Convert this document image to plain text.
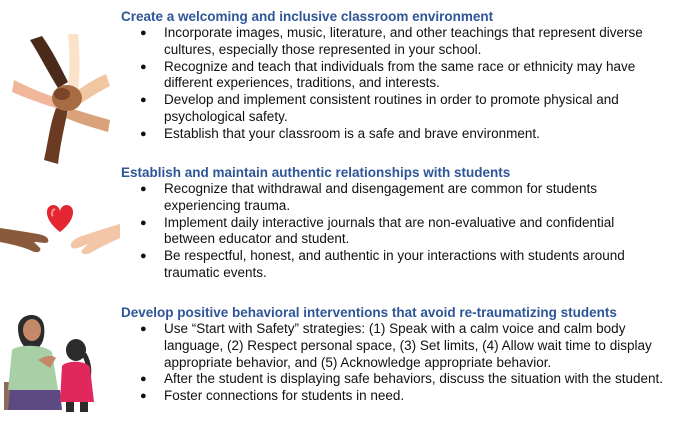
Create a welcoming and inclusive classroom environment
● Incorporate images, music, literature, and other teachings that represent diverse cultures, especially those represented in your school.
● Recognize and teach that individuals from the same race or ethnicity may have different experiences, traditions, and interests.
● Develop and implement consistent routines in order to promote physical and psychological safety.
● Establish that your classroom is a safe and brave environment.
Establish and maintain authentic relationships with students
● Recognize that withdrawal and disengagement are common for students experiencing trauma.
● Implement daily interactive journals that are non-evaluative and confidential between educator and student.
● Be respectful, honest, and authentic in your interactions with students around traumatic events.
Develop positive behavioral interventions that avoid re-traumatizing students
● Use “Start with Safety” strategies: (1) Speak with a calm voice and calm body language, (2) Respect personal space, (3) Set limits, (4) Allow wait time to display appropriate behavior, and (5) Acknowledge appropriate behavior.
● After the student is displaying safe behaviors, discuss the situation with the student.
● Foster connections for students in need.
